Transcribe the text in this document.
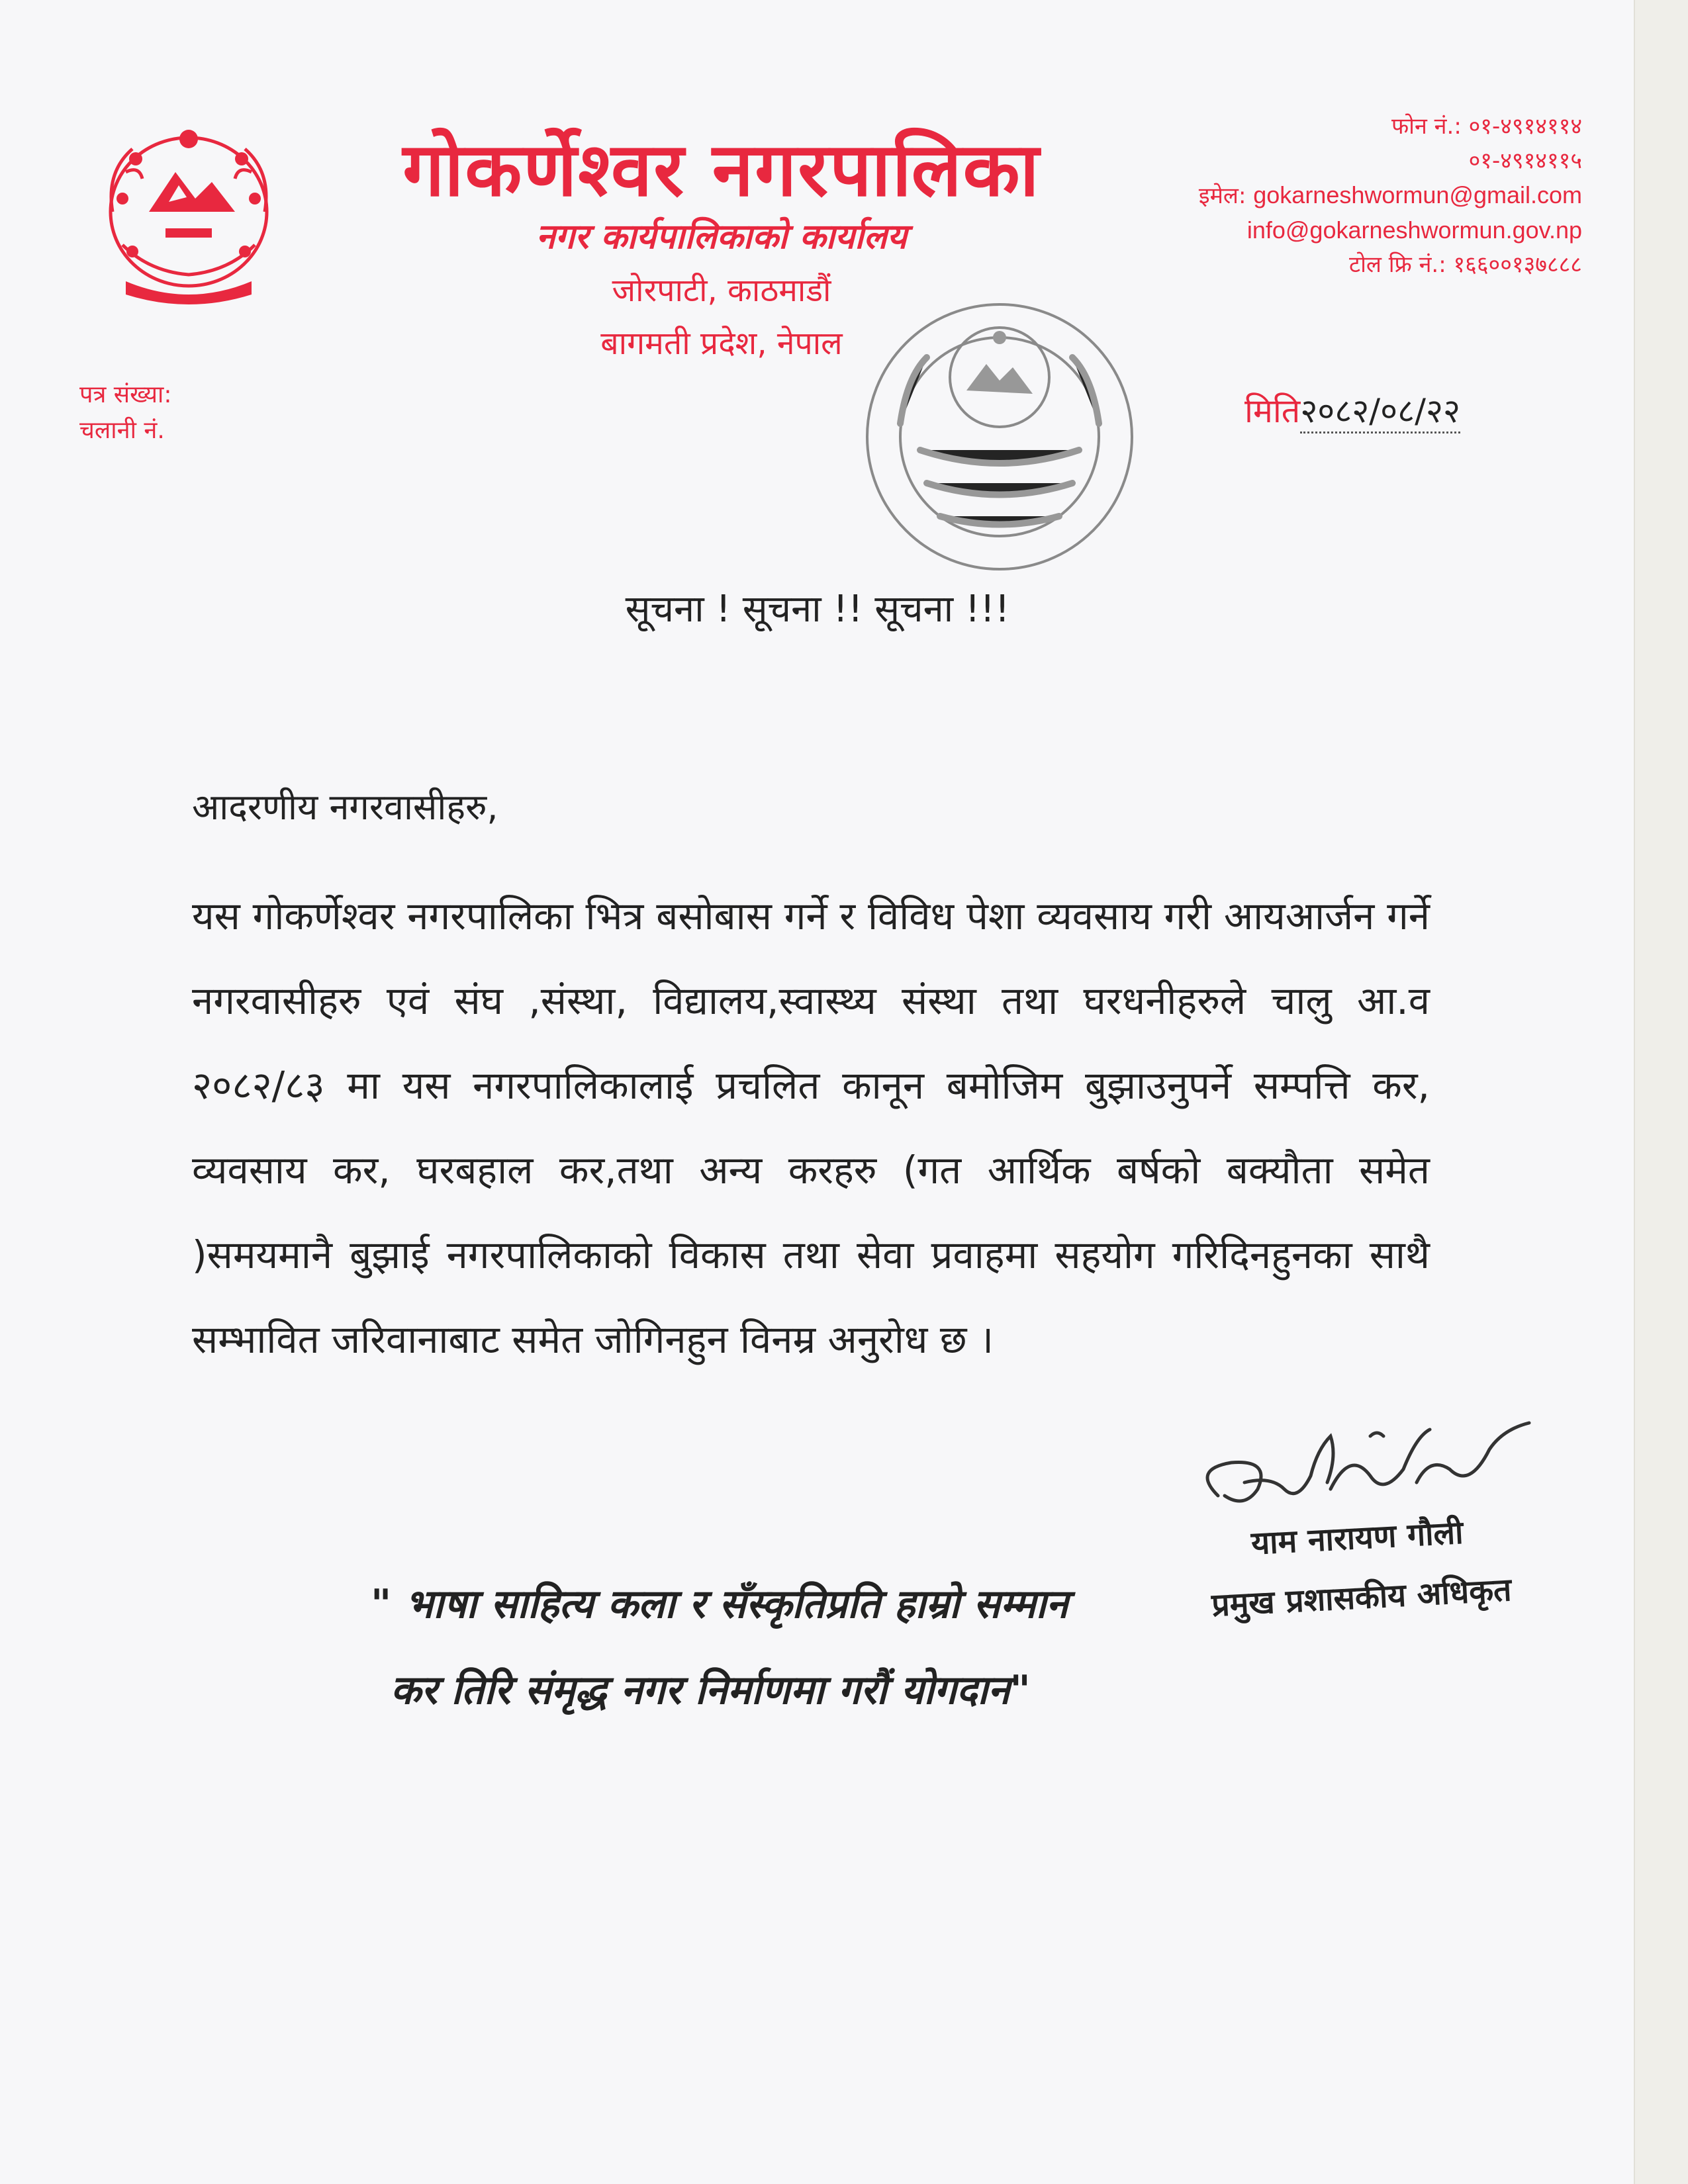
गोकर्णेश्वर नगरपालिका
नगर कार्यपालिकाको कार्यालय
जोरपाटी, काठमाडौं
बागमती प्रदेश, नेपाल
फोन नं.: ०१-४९१४११४
०१-४९१४११५
इमेल: gokarneshwormun@gmail.com
info@gokarneshwormun.gov.np
टोल फ्रि नं.: १६६००१३७८८८
पत्र संख्या:
चलानी नं.
मिति२०८२/०८/२२
सूचना ! सूचना !! सूचना !!!
आदरणीय नगरवासीहरु,
यस गोकर्णेश्वर नगरपालिका भित्र बसोबास गर्ने र विविध पेशा व्यवसाय गरी आयआर्जन गर्ने नगरवासीहरु एवं संघ ,संस्था, विद्यालय,स्वास्थ्य संस्था तथा घरधनीहरुले चालु आ.व २०८२/८३ मा यस नगरपालिकालाई प्रचलित कानून बमोजिम बुझाउनुपर्ने सम्पत्ति कर, व्यवसाय कर, घरबहाल कर,तथा अन्य करहरु (गत आर्थिक बर्षको बक्यौता समेत )समयमानै बुझाई नगरपालिकाको विकास तथा सेवा प्रवाहमा सहयोग गरिदिनहुनका साथै सम्भावित जरिवानाबाट समेत जोगिनहुन विनम्र अनुरोध छ ।
याम नारायण गौली
प्रमुख प्रशासकीय अधिकृत
" भाषा साहित्य कला र सँस्कृतिप्रति हाम्रो सम्मान
कर तिरि संमृद्ध नगर निर्माणमा गरौं योगदान"
